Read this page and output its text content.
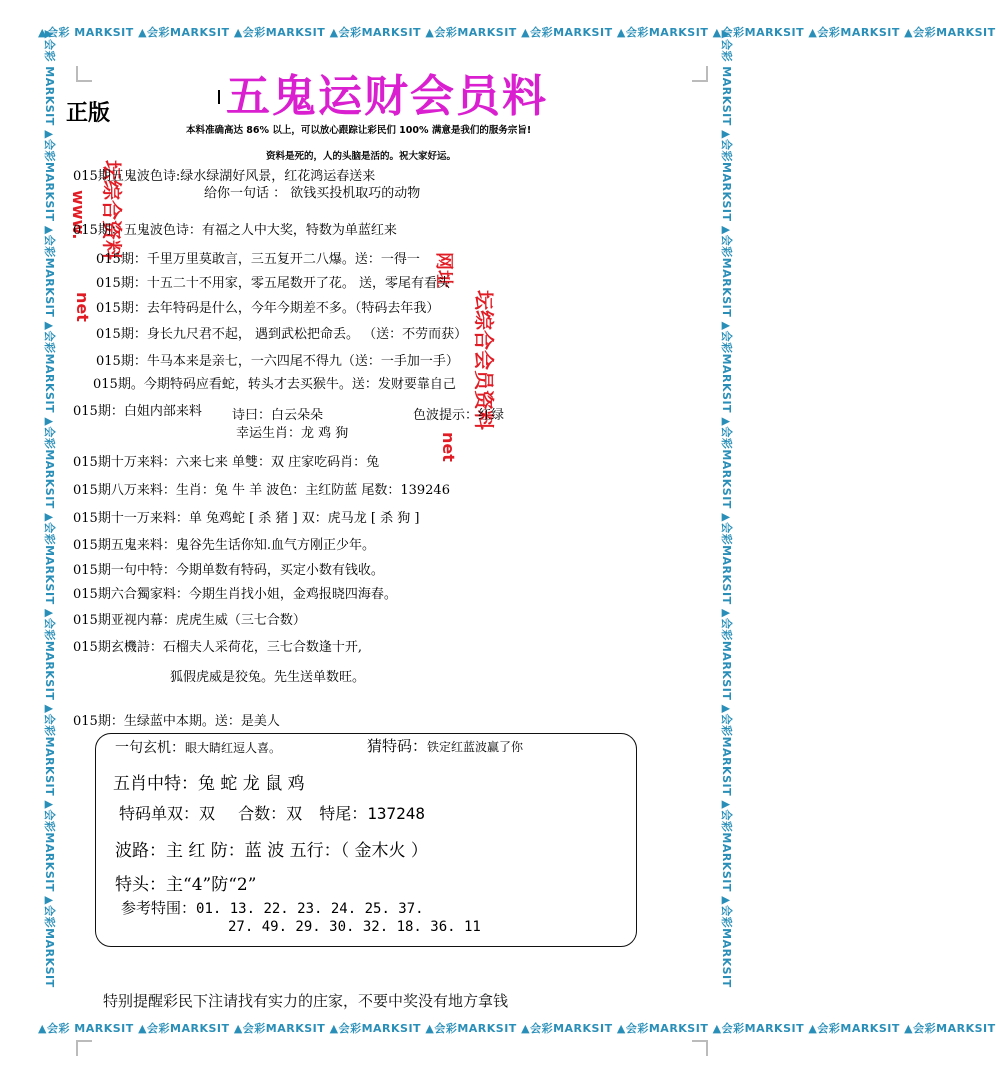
▲会彩 MARKSIT ▲会彩MARKSIT ▲会彩MARKSIT ▲会彩MARKSIT ▲会彩MARKSIT ▲会彩MARKSIT ▲会彩MARKSIT ▲会彩MARKSIT ▲会彩MARKSIT ▲会彩MARKSIT
▲会彩 MARKSIT ▲会彩MARKSIT ▲会彩MARKSIT ▲会彩MARKSIT ▲会彩MARKSIT ▲会彩MARKSIT ▲会彩MARKSIT ▲会彩MARKSIT ▲会彩MARKSIT ▲会彩MARKSIT
▲会彩 MARKSIT ▲会彩MARKSIT ▲会彩MARKSIT ▲会彩MARKSIT ▲会彩MARKSIT ▲会彩MARKSIT ▲会彩MARKSIT ▲会彩MARKSIT ▲会彩MARKSIT ▲会彩MARKSIT	▲会彩 MARKSIT ▲会彩MARKSIT ▲会彩MARKSIT ▲会彩MARKSIT ▲会彩MARKSIT ▲会彩MARKSIT ▲会彩MARKSIT ▲会彩MARKSIT ▲会彩MARKSIT ▲会彩MARKSIT
正版	五鬼运财会员料
本料准确高达 86% 以上，可以放心跟踪让彩民们 100% 满意是我们的服务宗旨!
资料是死的，人的头脑是活的。祝大家好运。
坛综合资料
www.
net
网址
坛综合会员资料
net
015期五鬼波色诗:绿水绿湖好风景，红花鸿运春送来
给你一句话 ： 欲钱买投机取巧的动物
015期：五鬼波色诗：有福之人中大奖，特数为单蓝红来
015期：千里万里莫敢言，三五复开二八爆。送：一得一
015期：十五二十不用家，零五尾数开了花。 送，零尾有看头
015期：去年特码是什么，今年今期差不多。（特码去年我）
015期：身长九尺君不起， 遇到武松把命丢。 （送：不劳而获）
015期：牛马本来是亲七，一六四尾不得九（送：一手加一手）
015期。今期特码应看蛇，转头才去买猴牛。送：发财要靠自己
015期：白姐内部来料 诗曰：白云朵朵	色波提示：红绿
幸运生肖：龙 鸡 狗
015期十万来料：六来七来 单雙：双 庄家吃码肖：兔
015期八万来料：生肖：兔 牛 羊 波色：主红防蓝 尾数：139246
015期十一万来料：单 兔鸡蛇 [ 杀 猪 ] 双：虎马龙 [ 杀 狗 ]
015期五鬼来料：鬼谷先生话你知.血气方刚正少年。
015期一句中特：今期单数有特码，买定小数有钱收。
015期六合獨家料：今期生肖找小姐，金鸡报晓四海春。
015期亚视内幕：虎虎生威（三七合数）
015期玄機詩：石榴夫人采荷花，三七合数逢十开,
狐假虎威是狡兔。先生送单数旺。
015期：生绿蓝中本期。送：是美人
一句玄机：眼大睛红逗人喜。	猜特码：铁定红蓝波赢了你
五肖中特：兔 蛇 龙 鼠 鸡
特码单双：双 合数：双 特尾：137248
波路：主 红 防：蓝 波 五行：（ 金木火 ）
特头：主“4”防“2”
参考特围：01. 13. 22. 23. 24. 25. 37.
27. 49. 29. 30. 32. 18. 36. 11
特别提醒彩民下注请找有实力的庄家，不要中奖没有地方拿钱
